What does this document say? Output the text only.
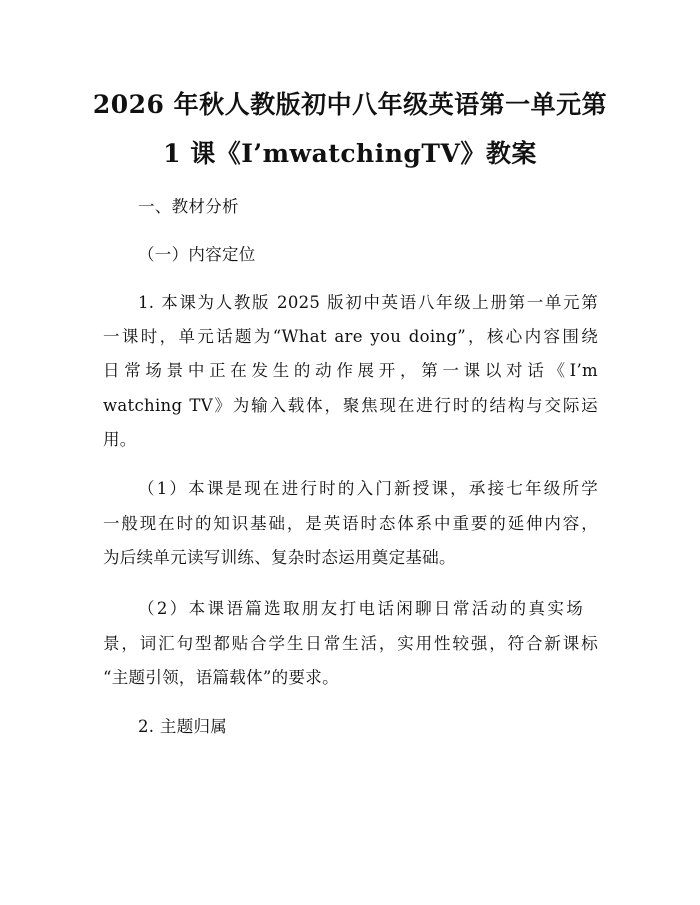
2026 年秋人教版初中八年级英语第一单元第
1 课《I’mwatchingTV》教案
一、教材分析
（一）内容定位
1. 本课为人教版 2025 版初中英语八年级上册第一单元第
一课时，单元话题为“What are you doing”，核心内容围绕
日常场景中正在发生的动作展开，第一课以对话《I’m
watching TV》为输入载体，聚焦现在进行时的结构与交际运
用。
（1）本课是现在进行时的入门新授课，承接七年级所学
一般现在时的知识基础，是英语时态体系中重要的延伸内容，
为后续单元读写训练、复杂时态运用奠定基础。
（2）本课语篇选取朋友打电话闲聊日常活动的真实场
景，词汇句型都贴合学生日常生活，实用性较强，符合新课标
“主题引领，语篇载体”的要求。
2. 主题归属
